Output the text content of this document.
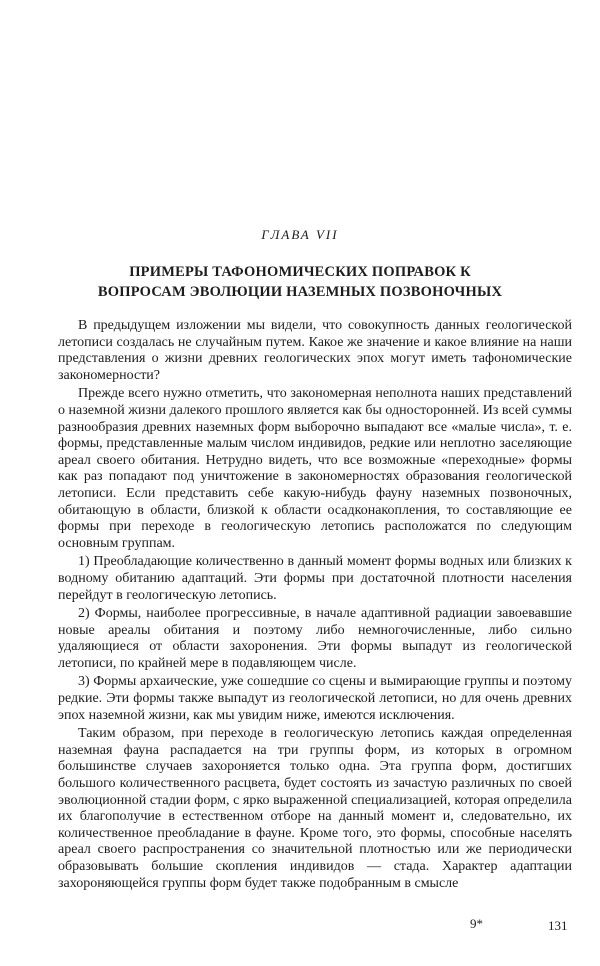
ГЛАВА VII
ПРИМЕРЫ ТАФОНОМИЧЕСКИХ ПОПРАВОК К ВОПРОСАМ ЭВОЛЮЦИИ НАЗЕМНЫХ ПОЗВОНОЧНЫХ

В предыдущем изложении мы видели, что совокупность данных геологической летописи создалась не случайным путем. Какое же значение и какое влияние на наши представления о жизни древних геологических эпох могут иметь тафономические закономерности?

Прежде всего нужно отметить, что закономерная неполнота наших представлений о наземной жизни далекого прошлого является как бы односторонней. Из всей суммы разнообразия древних наземных форм выборочно выпадают все «малые числа», т. е. формы, представленные малым числом индивидов, редкие или неплотно заселяющие ареал своего обитания. Нетрудно видеть, что все возможные «переходные» формы как раз попадают под уничтожение в закономерностях образования геологической летописи. Если представить себе какую-нибудь фауну наземных позвоночных, обитающую в области, близкой к области осадконакопления, то составляющие ее формы при переходе в геологическую летопись расположатся по следующим основным группам.

1) Преобладающие количественно в данный момент формы водных или близких к водному обитанию адаптаций. Эти формы при достаточной плотности населения перейдут в геологическую летопись.

2) Формы, наиболее прогрессивные, в начале адаптивной радиации завоевавшие новые ареалы обитания и поэтому либо немногочисленные, либо сильно удаляющиеся от области захоронения. Эти формы выпадут из геологической летописи, по крайней мере в подавляющем числе.

3) Формы архаические, уже сошедшие со сцены и вымирающие группы и поэтому редкие. Эти формы также выпадут из геологической летописи, но для очень древних эпох наземной жизни, как мы увидим ниже, имеются исключения.

Таким образом, при переходе в геологическую летопись каждая определенная наземная фауна распадается на три группы форм, из которых в огромном большинстве случаев захороняется только одна. Эта группа форм, достигших большого количественного расцвета, будет состоять из зачастую различных по своей эволюционной стадии форм, с ярко выраженной специализацией, которая определила их благополучие в естественном отборе на данный момент и, следовательно, их количественное преобладание в фауне. Кроме того, это формы, способные населять ареал своего распространения со значительной плотностью или же периодически образовывать большие скопления индивидов — стада. Характер адаптации захороняющейся группы форм будет также подобранным в смысле

9*	131
